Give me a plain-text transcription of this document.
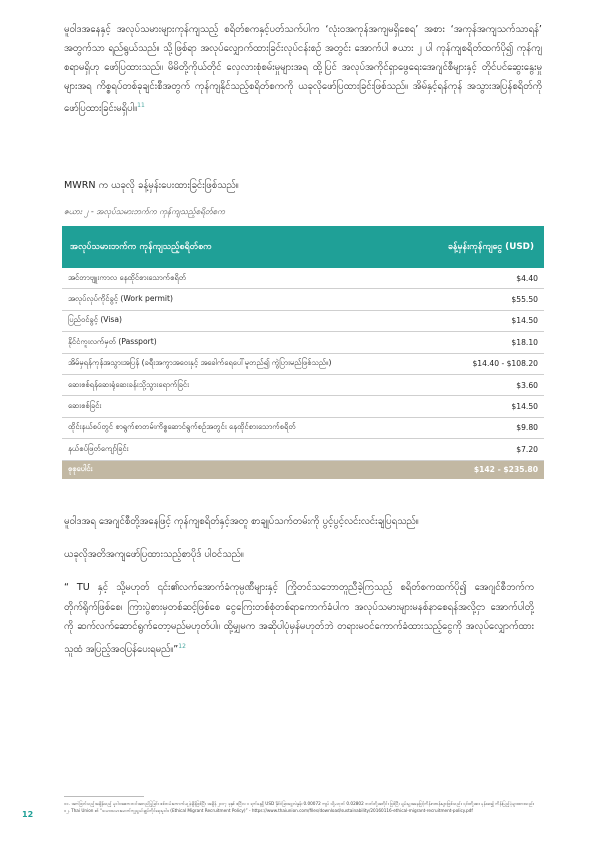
မူဝါဒအနေနှင့် အလုပ်သမားများကုန်ကျသည့် စရိတ်စကနှင့်ပတ်သက်ပါက ‘လုံးဝအကုန်အကျမရှိစေရ’ အစား ‘အကုန်အကျသက်သာရန်’ အတွက်သာ ရည်ရွယ်သည်။ သို့ဖြစ်ရာ အလုပ်လျှောက်ထားခြင်းလုပ်ငန်းစဉ် အတွင်း အောက်ပါ ဇယား ၂ ပါ ကုန်ကျစရိတ်ထက်ပို၍ ကုန်ကျစရာမရှိဟု ဖော်ပြထားသည်။ မိမိတို့ကိုယ်တိုင် လှေလားစုံစမ်းမှုများအရ ထို့ပြင် အလုပ်အကိုင်ရှာဖွေရေးအေဂျင်စီများနှင့် တိုင်ပင်ဆွေးနွေးမှုများအရ ကိစ္စရပ်တစ်ခုချင်းစီအတွက် ကုန်ကျနိုင်သည့်စရိတ်စကကို ယခုလိုဖော်ပြထားခြင်းဖြစ်သည်။ အိမ်နှင့်ရန်ကုန် အသွားအပြန်စရိတ်ကို ဖော်ပြထားခြင်းမရှိပါ။$^{11}$

MWRN က ယခုလို ခန့်မှန်းပေးထားခြင်းဖြစ်သည်။

ဇယား ၂ - အလုပ်သမားဘက်က ကုန်ကျသည့်စရိတ်စက

အလုပ်သမားဘက်က ကုန်ကျသည့်စရိတ်စက	ခန့်မှန်းကုန်ကျငွေ (USD)
အင်တာဗျူးကာလ နေထိုင်စားသောက်စရိတ်	$4.40
အလုပ်လုပ်ကိုင်ခွင့် (Work permit)	$55.50
ပြည်ဝင်ခွင့် (Visa)	$14.50
နိုင်ငံကူးလက်မှတ် (Passport)	$18.10
အိမ်မှရန်ကုန်အသွားအပြန် (ခရီးအကွာအဝေးနှင့် အခေါက်ရေပေါ်မူတည်၍ ကွဲပြားမည်ဖြစ်သည်။)	$14.40 - $108.20
ဆေးစစ်ရန်ဆေးရုံဆေးခန်းသို့သွားရောက်ခြင်း	$3.60
ဆေးစစ်ခြင်း	$14.50
ထိုင်းနယ်စပ်တွင် စာရွက်စာတမ်းကိစ္စဆောင်ရွက်စဉ်အတွင်း နေထိုင်စားသောက်စရိတ်	$9.80
နယ်စပ်ဖြတ်ကျော်ခြင်း	$7.20
စုစုပေါင်း	$142 - $235.80

မူဝါဒအရ အေဂျင်စီတို့အနေဖြင့် ကုန်ကျစရိတ်နှင့်အတူ စာချုပ်သက်တမ်းကို ပွင့်ပွင့်လင်းလင်းချပြရသည်။

ယခုလိုအတိအကျဖော်ပြထားသည့်စာပိုဒ် ပါဝင်သည်။

“ TU နှင့် သို့မဟုတ် ၎င်း၏လက်အောက်ခံကုမ္ပဏီများနှင့် ကြိုတင်သဘောတူညီခဲ့ကြသည့် စရိတ်စကထက်ပို၍ အေဂျင်စီဘက်က တိုက်ရိုက်ဖြစ်စေ၊ ကြားပွဲစားမှတစ်ဆင့်ဖြစ်စေ ငွေကြေးတစ်စုံတစ်ရာကောက်ခံပါက အလုပ်သမားများမနစ်နာစေရန်အလို့ငှာ အောက်ပါတို့ကို ဆက်လက်ဆောင်ရွက်တော့မည်မဟုတ်ပါ။ ထို့မျှမက အဆိုပါပုံမှန်မဟုတ်ဘဲ တရားမဝင်ကောက်ခံထားသည့်ငွေကို အလုပ်လျှောက်ထားသူထံ အပြည့်အဝပြန်ပေးရမည်။”$^{12}$

၁၁. အကဲဖြတ်သည့်အချိန်သည့် မူဝါဒအစကတင်အတည်ပြုခြင်း စစ်တမ်းကောက်ယူခဲ့ချိန်ဖြစ်ပြီး အချိန် ၂၀၁၇ ခုနှစ် ဧပြီလ ၁ ရက်နေ့ရှိ USD နိုင်ငံခြားငွေလဲနှုန်း 0.00072 ကျပ် သို့မဟုတ် 0.02802 ဘတ်တို့အတိုင်း ဖြစ်ပြီး ပျမ်းမျှအနေဖြင့်ကိန်းဂဏန်းများဖြစ်သည်။ ၎င်းတို့အား မှန်းဆ၍ ကိန်းပြည့်ပုံများထားသည်။

၁၂. Thai Union ၏ “သမားသမားမောက်ကူညွယ်ချုပ်ကိုင်ရေးမူဝါဒ (Ethical Migrant Recruitment Policy)” - https://www.thaiunion.com/files/download/sustainability/20160116-ethical-migrant-recruitment-policy.pdf

12
